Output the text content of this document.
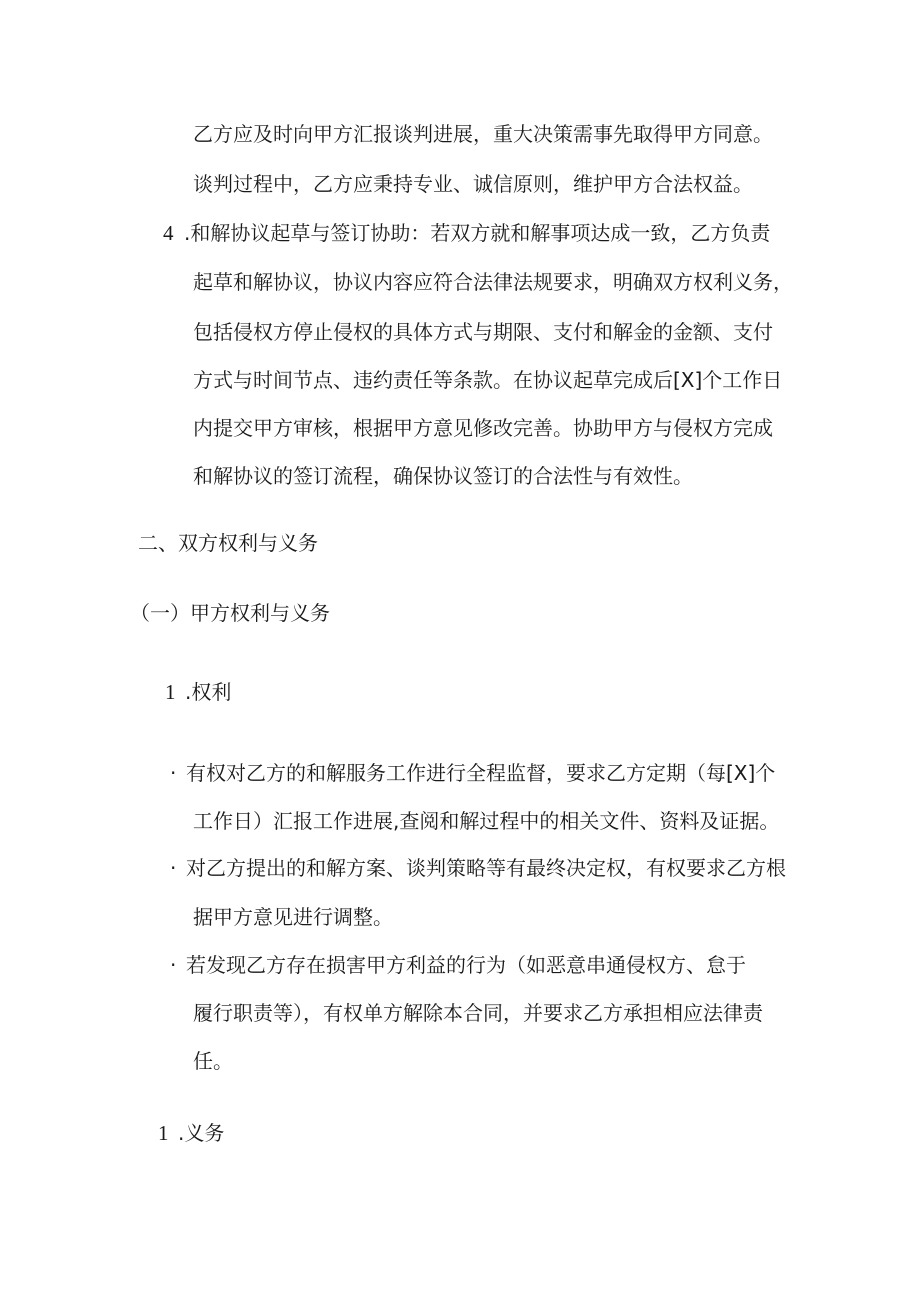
乙方应及时向甲方汇报谈判进展，重大决策需事先取得甲方同意。
谈判过程中，乙方应秉持专业、诚信原则，维护甲方合法权益。
4 .和解协议起草与签订协助：若双方就和解事项达成一致，乙方负责
起草和解协议，协议内容应符合法律法规要求，明确双方权利义务，
包括侵权方停止侵权的具体方式与期限、支付和解金的金额、支付
方式与时间节点、违约责任等条款。在协议起草完成后[X]个工作日
内提交甲方审核，根据甲方意见修改完善。协助甲方与侵权方完成
和解协议的签订流程，确保协议签订的合法性与有效性。
二、双方权利与义务
（一）甲方权利与义务
1 .权利
· 有权对乙方的和解服务工作进行全程监督，要求乙方定期（每[X]个
工作日）汇报工作进展,查阅和解过程中的相关文件、资料及证据。
· 对乙方提出的和解方案、谈判策略等有最终决定权，有权要求乙方根
据甲方意见进行调整。
· 若发现乙方存在损害甲方利益的行为（如恶意串通侵权方、怠于
履行职责等），有权单方解除本合同，并要求乙方承担相应法律责
任。
1 .义务
